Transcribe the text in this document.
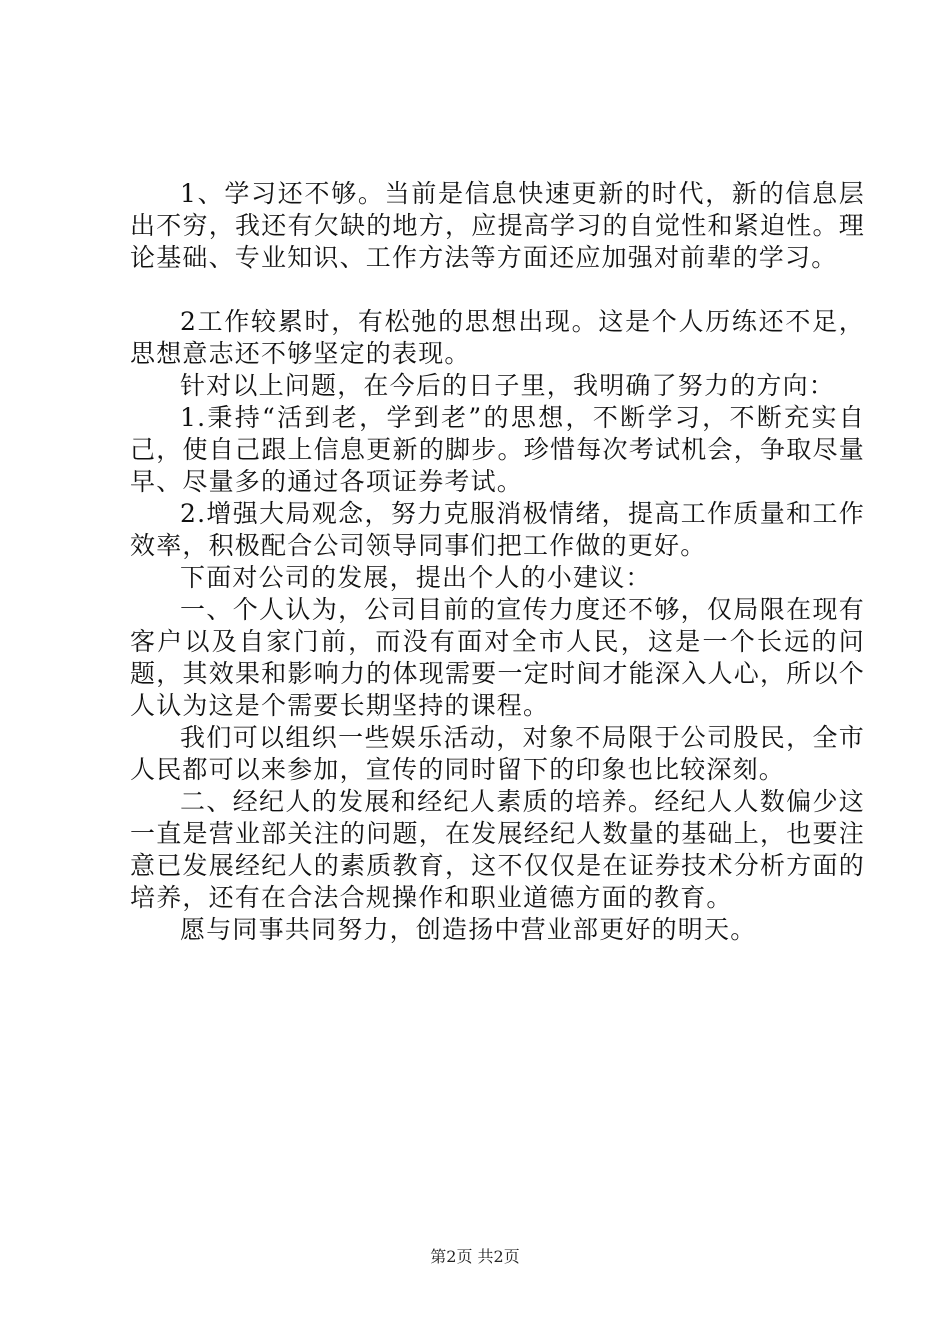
1、学习还不够。当前是信息快速更新的时代，新的信息层出不穷，我还有欠缺的地方，应提高学习的自觉性和紧迫性。理论基础、专业知识、工作方法等方面还应加强对前辈的学习。

2工作较累时，有松弛的思想出现。这是个人历练还不足，思想意志还不够坚定的表现。

针对以上问题，在今后的日子里，我明确了努力的方向：

1.秉持“活到老，学到老”的思想，不断学习，不断充实自己，使自己跟上信息更新的脚步。珍惜每次考试机会，争取尽量早、尽量多的通过各项证券考试。

2.增强大局观念，努力克服消极情绪，提高工作质量和工作效率，积极配合公司领导同事们把工作做的更好。

下面对公司的发展，提出个人的小建议：

一、个人认为，公司目前的宣传力度还不够，仅局限在现有客户以及自家门前，而没有面对全市人民，这是一个长远的问题，其效果和影响力的体现需要一定时间才能深入人心，所以个人认为这是个需要长期坚持的课程。

我们可以组织一些娱乐活动，对象不局限于公司股民，全市人民都可以来参加，宣传的同时留下的印象也比较深刻。

二、经纪人的发展和经纪人素质的培养。经纪人人数偏少这一直是营业部关注的问题，在发展经纪人数量的基础上，也要注意已发展经纪人的素质教育，这不仅仅是在证券技术分析方面的培养，还有在合法合规操作和职业道德方面的教育。

愿与同事共同努力，创造扬中营业部更好的明天。

第2页 共2页
